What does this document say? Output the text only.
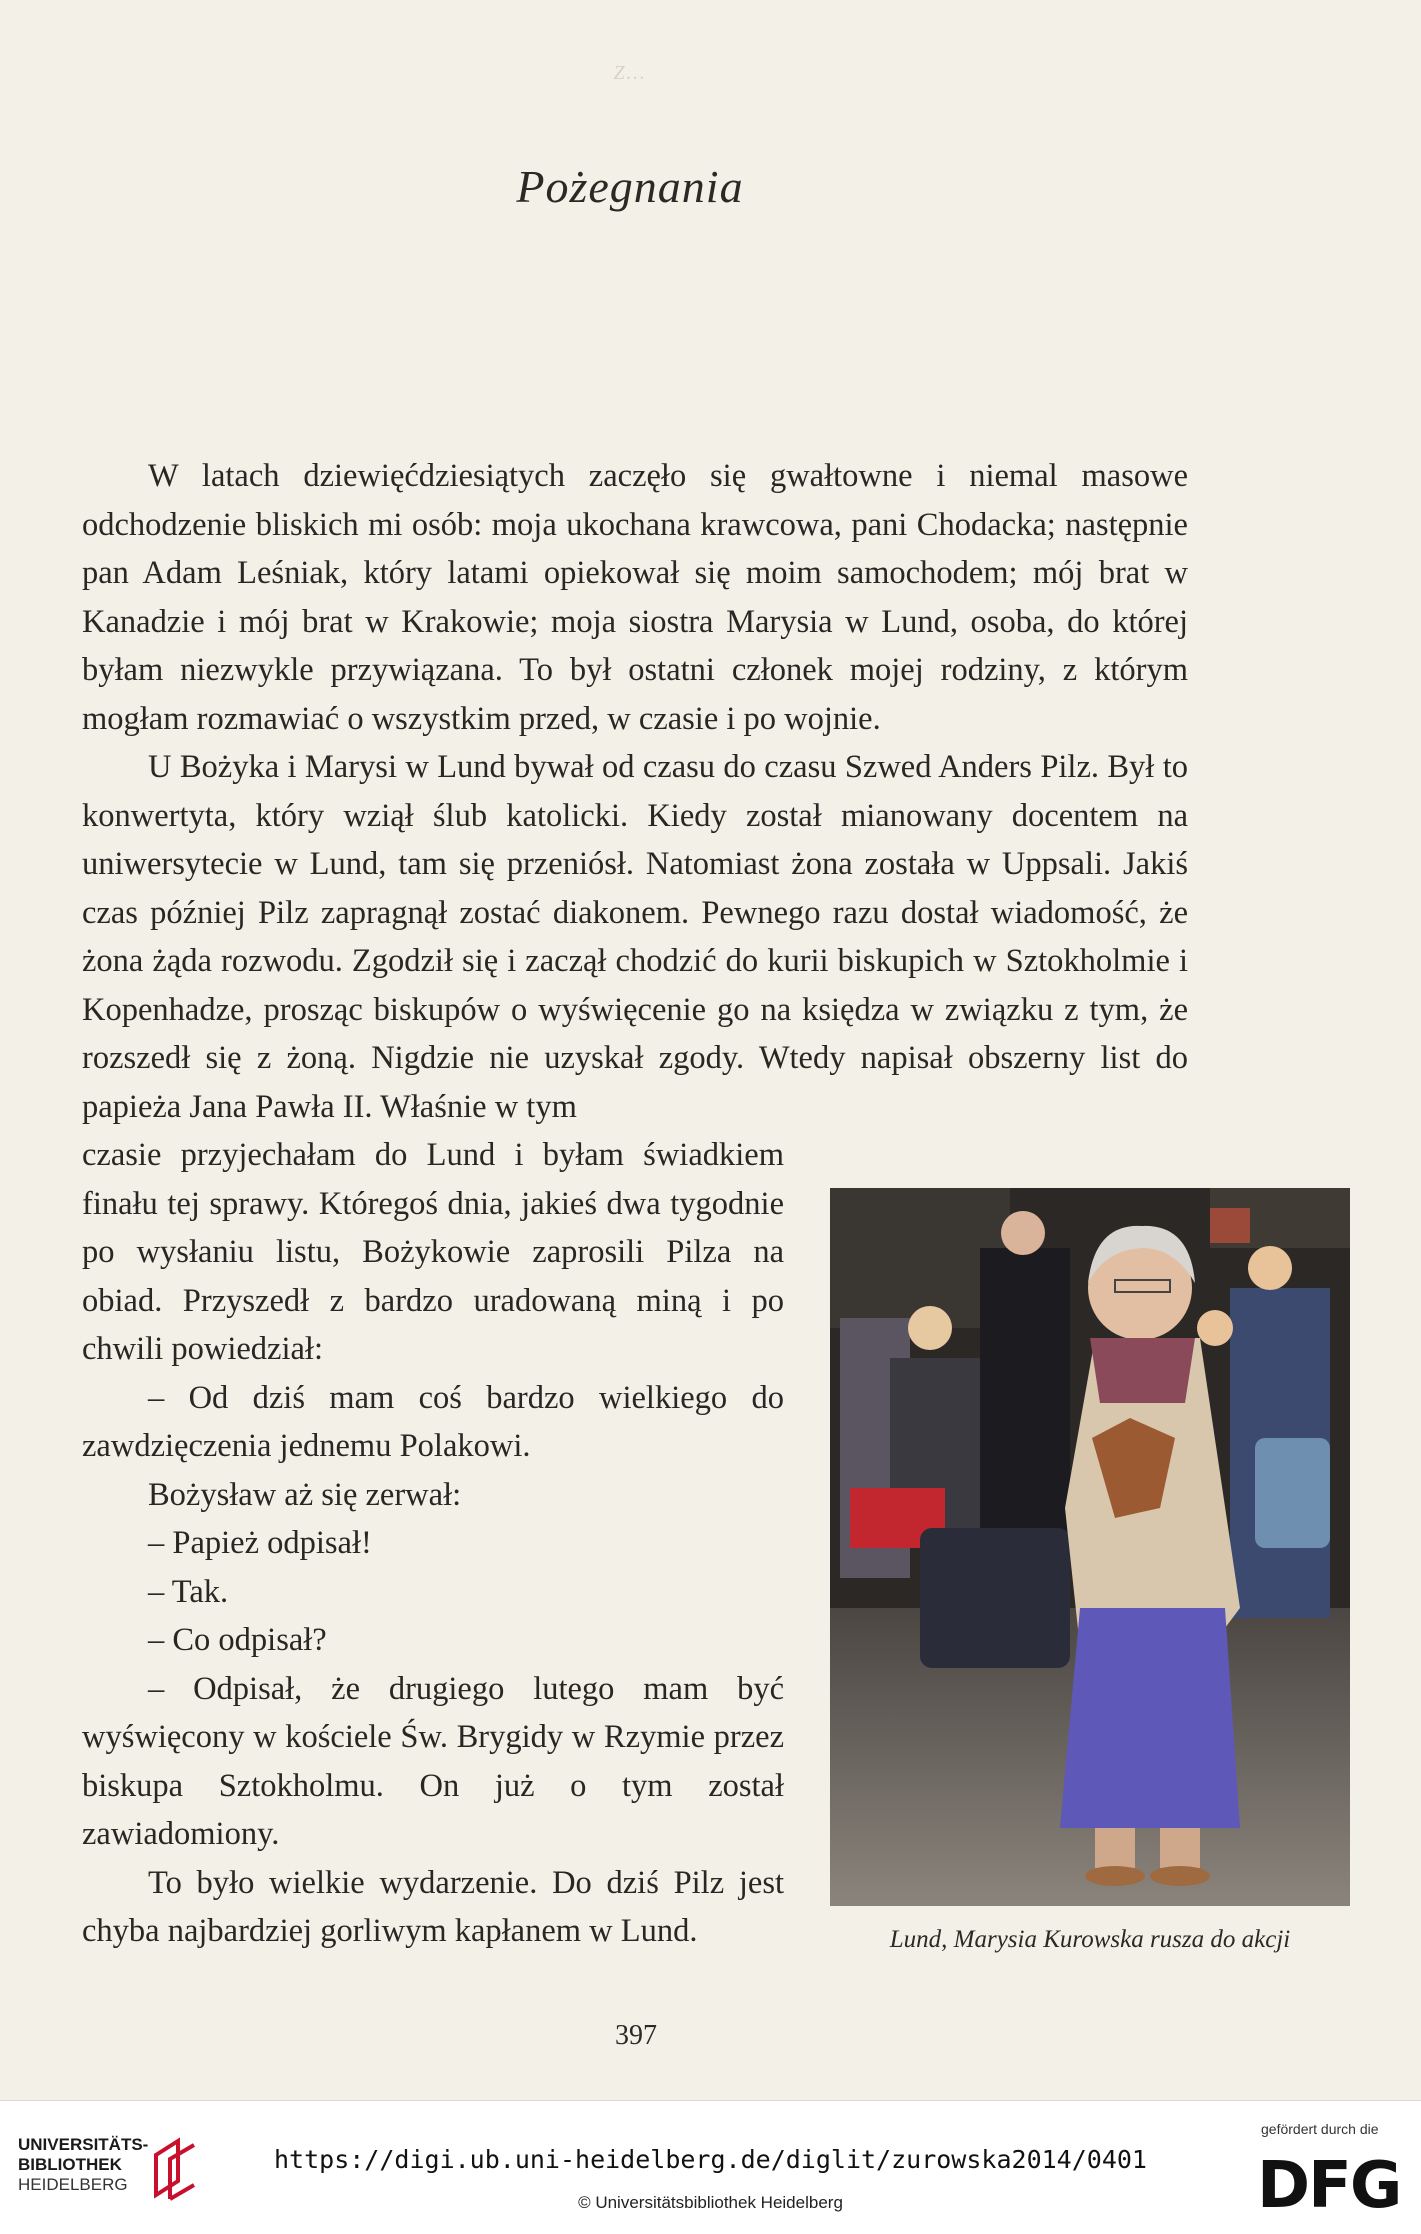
Z…
Pożegnania

W latach dziewięćdziesiątych zaczęło się gwałtowne i niemal masowe odchodzenie bliskich mi osób: moja ukochana krawcowa, pani Chodacka; następnie pan Adam Leśniak, który latami opiekował się moim samochodem; mój brat w Kanadzie i mój brat w Krakowie; moja siostra Marysia w Lund, osoba, do której byłam niezwykle przywiązana. To był ostatni członek mojej rodziny, z którym mogłam rozmawiać o wszystkim przed, w czasie i po wojnie.

U Bożyka i Marysi w Lund bywał od czasu do czasu Szwed Anders Pilz. Był to konwertyta, który wziął ślub katolicki. Kiedy został mianowany docentem na uniwersytecie w Lund, tam się przeniósł. Natomiast żona została w Uppsali. Jakiś czas później Pilz zapragnął zostać diakonem. Pewnego razu dostał wiadomość, że żona żąda rozwodu. Zgodził się i zaczął chodzić do kurii biskupich w Sztokholmie i Kopenhadze, prosząc biskupów o wyświęcenie go na księdza w związku z tym, że rozszedł się z żoną. Nigdzie nie uzyskał zgody. Wtedy napisał obszerny list do papieża Jana Pawła II. Właśnie w tym

czasie przyjechałam do Lund i byłam świadkiem finału tej sprawy. Któregoś dnia, jakieś dwa tygodnie po wysłaniu listu, Bożykowie zaprosili Pilza na obiad. Przyszedł z bardzo uradowaną miną i po chwili powiedział:

– Od dziś mam coś bardzo wielkiego do zawdzięczenia jednemu Polakowi.

Bożysław aż się zerwał:

– Papież odpisał!

– Tak.

– Co odpisał?

– Odpisał, że drugiego lutego mam być wyświęcony w kościele Św. Brygidy w Rzymie przez biskupa Sztokholmu. On już o tym został zawiadomiony.

To było wielkie wydarzenie. Do dziś Pilz jest chyba najbardziej gorliwym kapłanem w Lund.	Lund, Marysia Kurowska rusza do akcji
397
UNIVERSITÄTS-
BIBLIOTHEK
HEIDELBERG
https://digi.ub.uni-heidelberg.de/diglit/zurowska2014/0401
© Universitätsbibliothek Heidelberg
gefördert durch die
DFG
